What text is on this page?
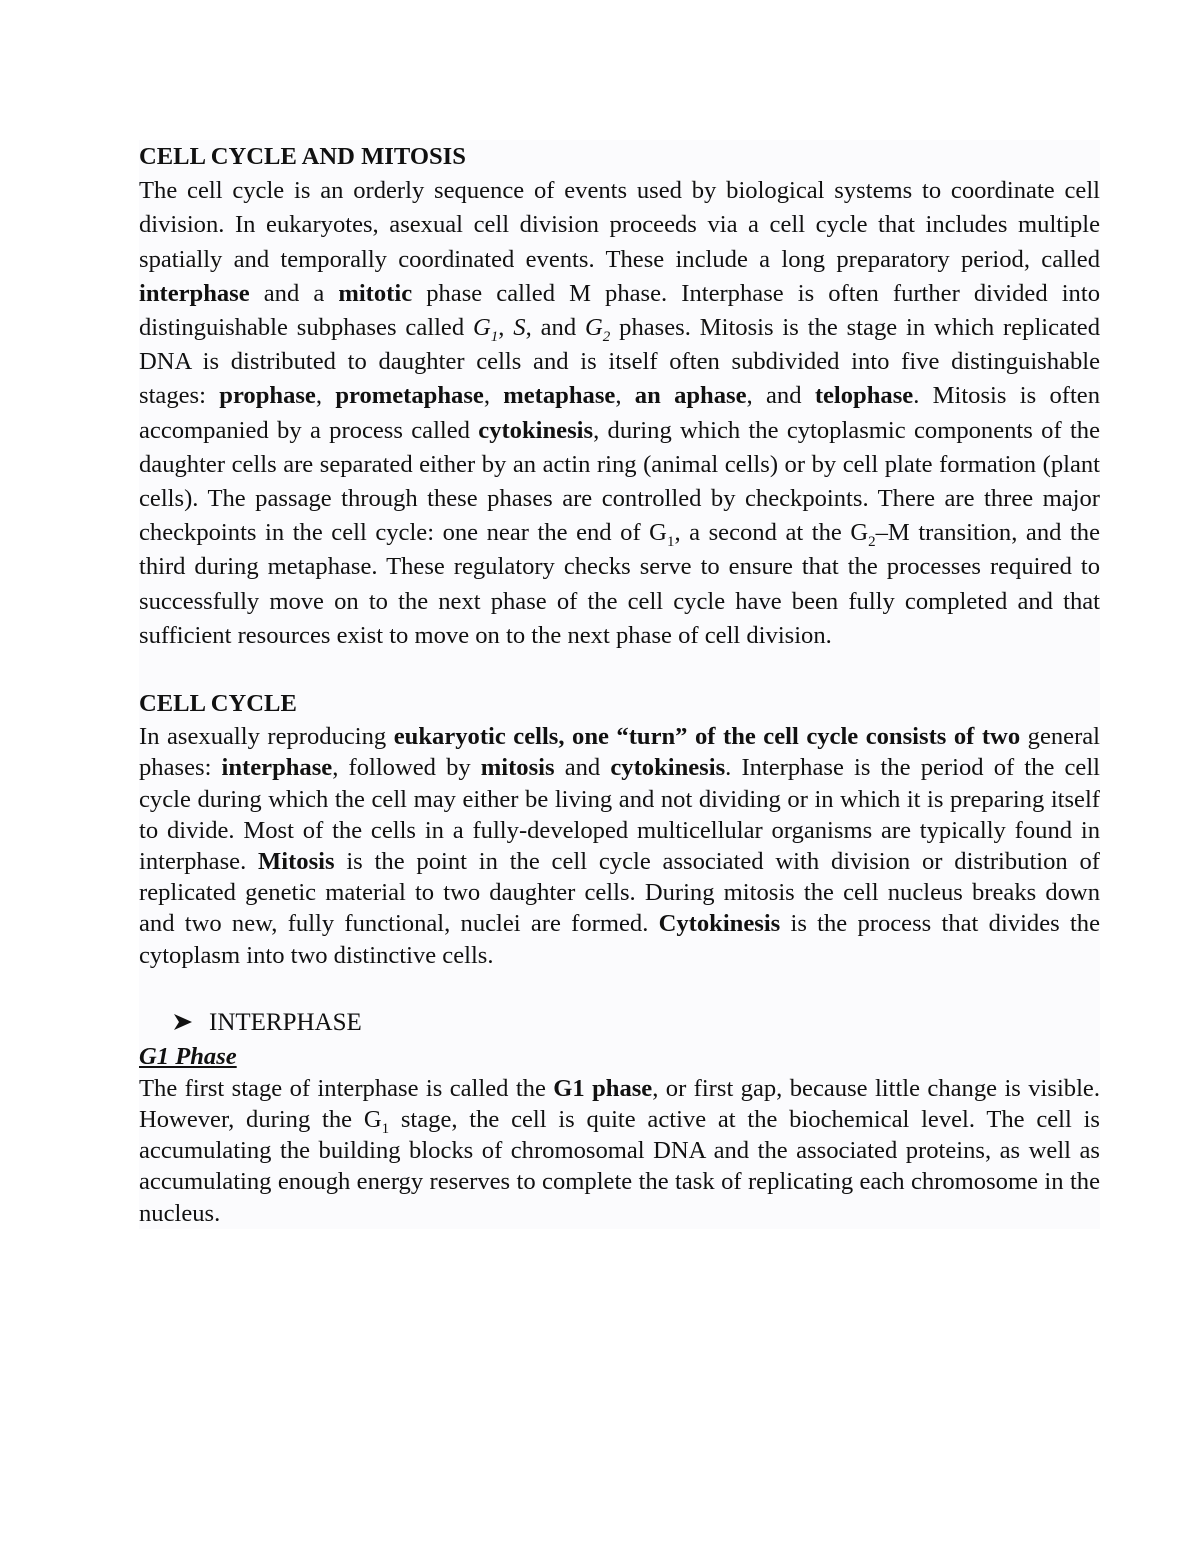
CELL CYCLE AND MITOSIS

The cell cycle is an orderly sequence of events used by biological systems to coordinate cell division. In eukaryotes, asexual cell division proceeds via a cell cycle that includes multiple spatially and temporally coordinated events. These include a long preparatory period, called interphase and a mitotic phase called M phase. Interphase is often further divided into distinguishable subphases called $G_1$, S, and $G_2$ phases. Mitosis is the stage in which replicated DNA is distributed to daughter cells and is itself often subdivided into five distinguishable stages: prophase, prometaphase, metaphase, an aphase, and telophase. Mitosis is often accompanied by a process called cytokinesis, during which the cytoplasmic components of the daughter cells are separated either by an actin ring (animal cells) or by cell plate formation (plant cells). The passage through these phases are controlled by checkpoints. There are three major checkpoints in the cell cycle: one near the end of $G_1$, a second at the $G_2-M$ transition, and the third during metaphase. These regulatory checks serve to ensure that the processes required to successfully move on to the next phase of the cell cycle have been fully completed and that sufficient resources exist to move on to the next phase of cell division.

CELL CYCLE

In asexually reproducing eukaryotic cells, one “turn” of the cell cycle consists of two general phases: interphase, followed by mitosis and cytokinesis. Interphase is the period of the cell cycle during which the cell may either be living and not dividing or in which it is preparing itself to divide. Most of the cells in a fully-developed multicellular organisms are typically found in interphase. Mitosis is the point in the cell cycle associated with division or distribution of replicated genetic material to two daughter cells. During mitosis the cell nucleus breaks down and two new, fully functional, nuclei are formed. Cytokinesis is the process that divides the cytoplasm into two distinctive cells.

INTERPHASE
G1 Phase

The first stage of interphase is called the G1 phase, or first gap, because little change is visible. However, during the $G_1$ stage, the cell is quite active at the biochemical level. The cell is accumulating the building blocks of chromosomal DNA and the associated proteins, as well as accumulating enough energy reserves to complete the task of replicating each chromosome in the nucleus.
